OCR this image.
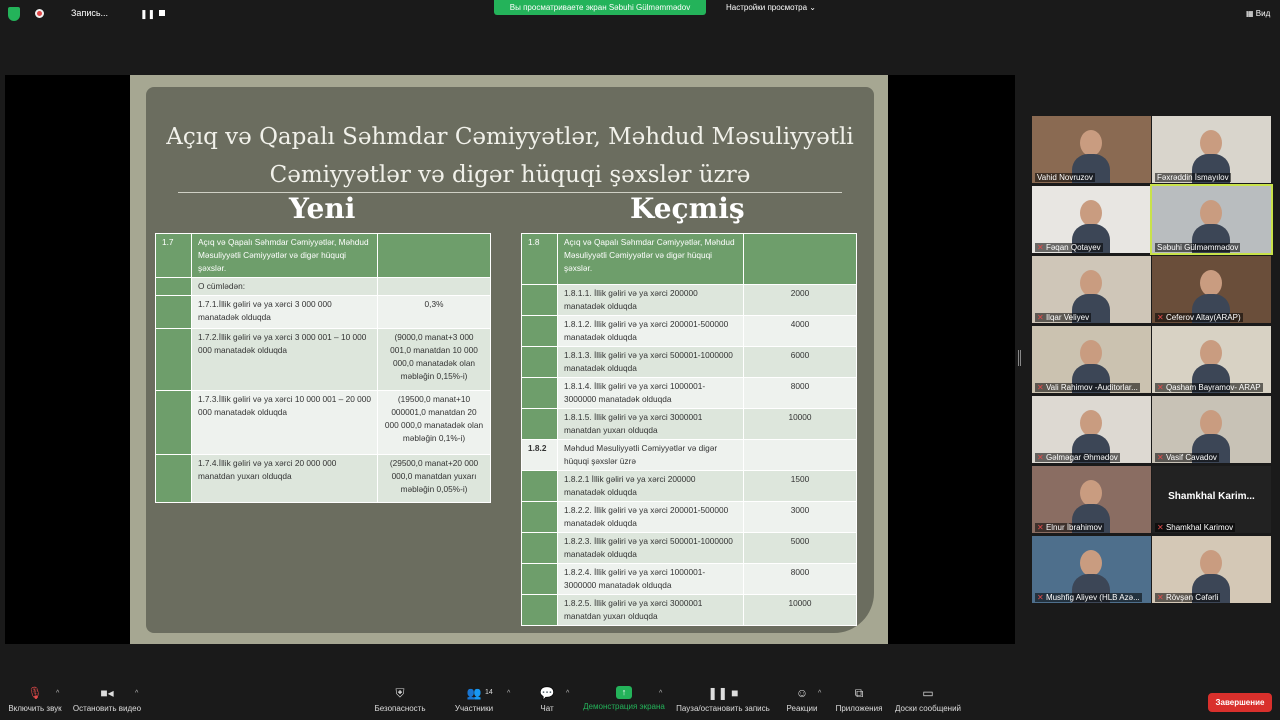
Запись...	❚❚
Вы просматриваете экран Səbuhi Gülməmmədov	Настройки просмотра ⌄
▦ Вид
Açıq və Qapalı Səhmdar Cəmiyyətlər, Məhdud Məsuliyyətli
Cəmiyyətlər və digər hüquqi şəxslər üzrə
Yeni	Keçmiş
1.7	Açıq və Qapalı Səhmdar Cəmiyyətlər, Məhdud Məsuliyyətli Cəmiyyətlər və digər hüquqi şəxslər.	
	O cümlədən:	
	1.7.1.İllik gəliri və ya xərci 3 000 000 manatadək olduqda	0,3%
	1.7.2.İllik gəliri və ya xərci 3 000 001 – 10 000 000 manatadək olduqda	(9000,0 manat+3 000 001,0 manatdan 10 000 000,0 manatadək olan məbləğin 0,15%-i)
	1.7.3.İllik gəliri və ya xərci 10 000 001 – 20 000 000 manatadək olduqda	(19500,0 manat+10 000001,0 manatdan 20 000 000,0 manatadək olan məbləğin 0,1%-i)
	1.7.4.İllik gəliri və ya xərci 20 000 000 manatdan yuxarı olduqda	(29500,0 manat+20 000 000,0 manatdan yuxarı məbləğin 0,05%-i)
1.8	Açıq və Qapalı Səhmdar Cəmiyyətlər, Məhdud Məsuliyyətli Cəmiyyətlər və digər hüquqi şəxslər.	
	1.8.1.1. İllik gəliri və ya xərci 200000 manatadək olduqda	2000
	1.8.1.2. İllik gəliri və ya xərci 200001-500000 manatadək olduqda	4000
	1.8.1.3. İllik gəliri və ya xərci 500001-1000000 manatadək olduqda	6000
	1.8.1.4. İllik gəliri və ya xərci 1000001-3000000 manatadək olduqda	8000
	1.8.1.5. İllik gəliri və ya xərci 3000001 manatdan yuxarı olduqda	10000
1.8.2	Məhdud Məsuliyyətli Cəmiyyətlər və digər hüquqi şəxslər üzrə	
	1.8.2.1 İllik gəliri və ya xərci 200000 manatadək olduqda	1500
	1.8.2.2. İllik gəliri və ya xərci 200001-500000 manatadək olduqda	3000
	1.8.2.3. İllik gəliri və ya xərci 500001-1000000 manatadək olduqda	5000
	1.8.2.4. İllik gəliri və ya xərci 1000001-3000000 manatadək olduqda	8000
	1.8.2.5. İllik gəliri və ya xərci 3000001 manatdan yuxarı olduqda	10000
Vahid Novruzov	Fəxrəddin İsmayılov
✕ Fəqan Qotayev	Səbuhi Gülməmmədov
✕ Ilqar Veliyev	✕ Ceferov Altay(ARAP)
✕ Vali Rahimov -Auditorlar... ✕ Qasham Bayramov- ARAP
✕ Gəlməgar Əhmədov	✕ Vasif Cavadov
✕ Elnur İbrahimov
Shamkhal Karim...
✕ Shamkhal Karimov
✕ Mushfig Aliyev (HLB Azə... ✕ Rövşən Cəfərli
🎙
Включить звук
^	■◂
Остановить видео
^	⛨
Безопасность
👥
Участники
14 ^	💬
Чат
^	↑
Демонстрация экрана
^	❚❚ ■
Пауза/остановить запись
☺
Реакции
^	⧉
Приложения
▭
Доски сообщений
Завершение
